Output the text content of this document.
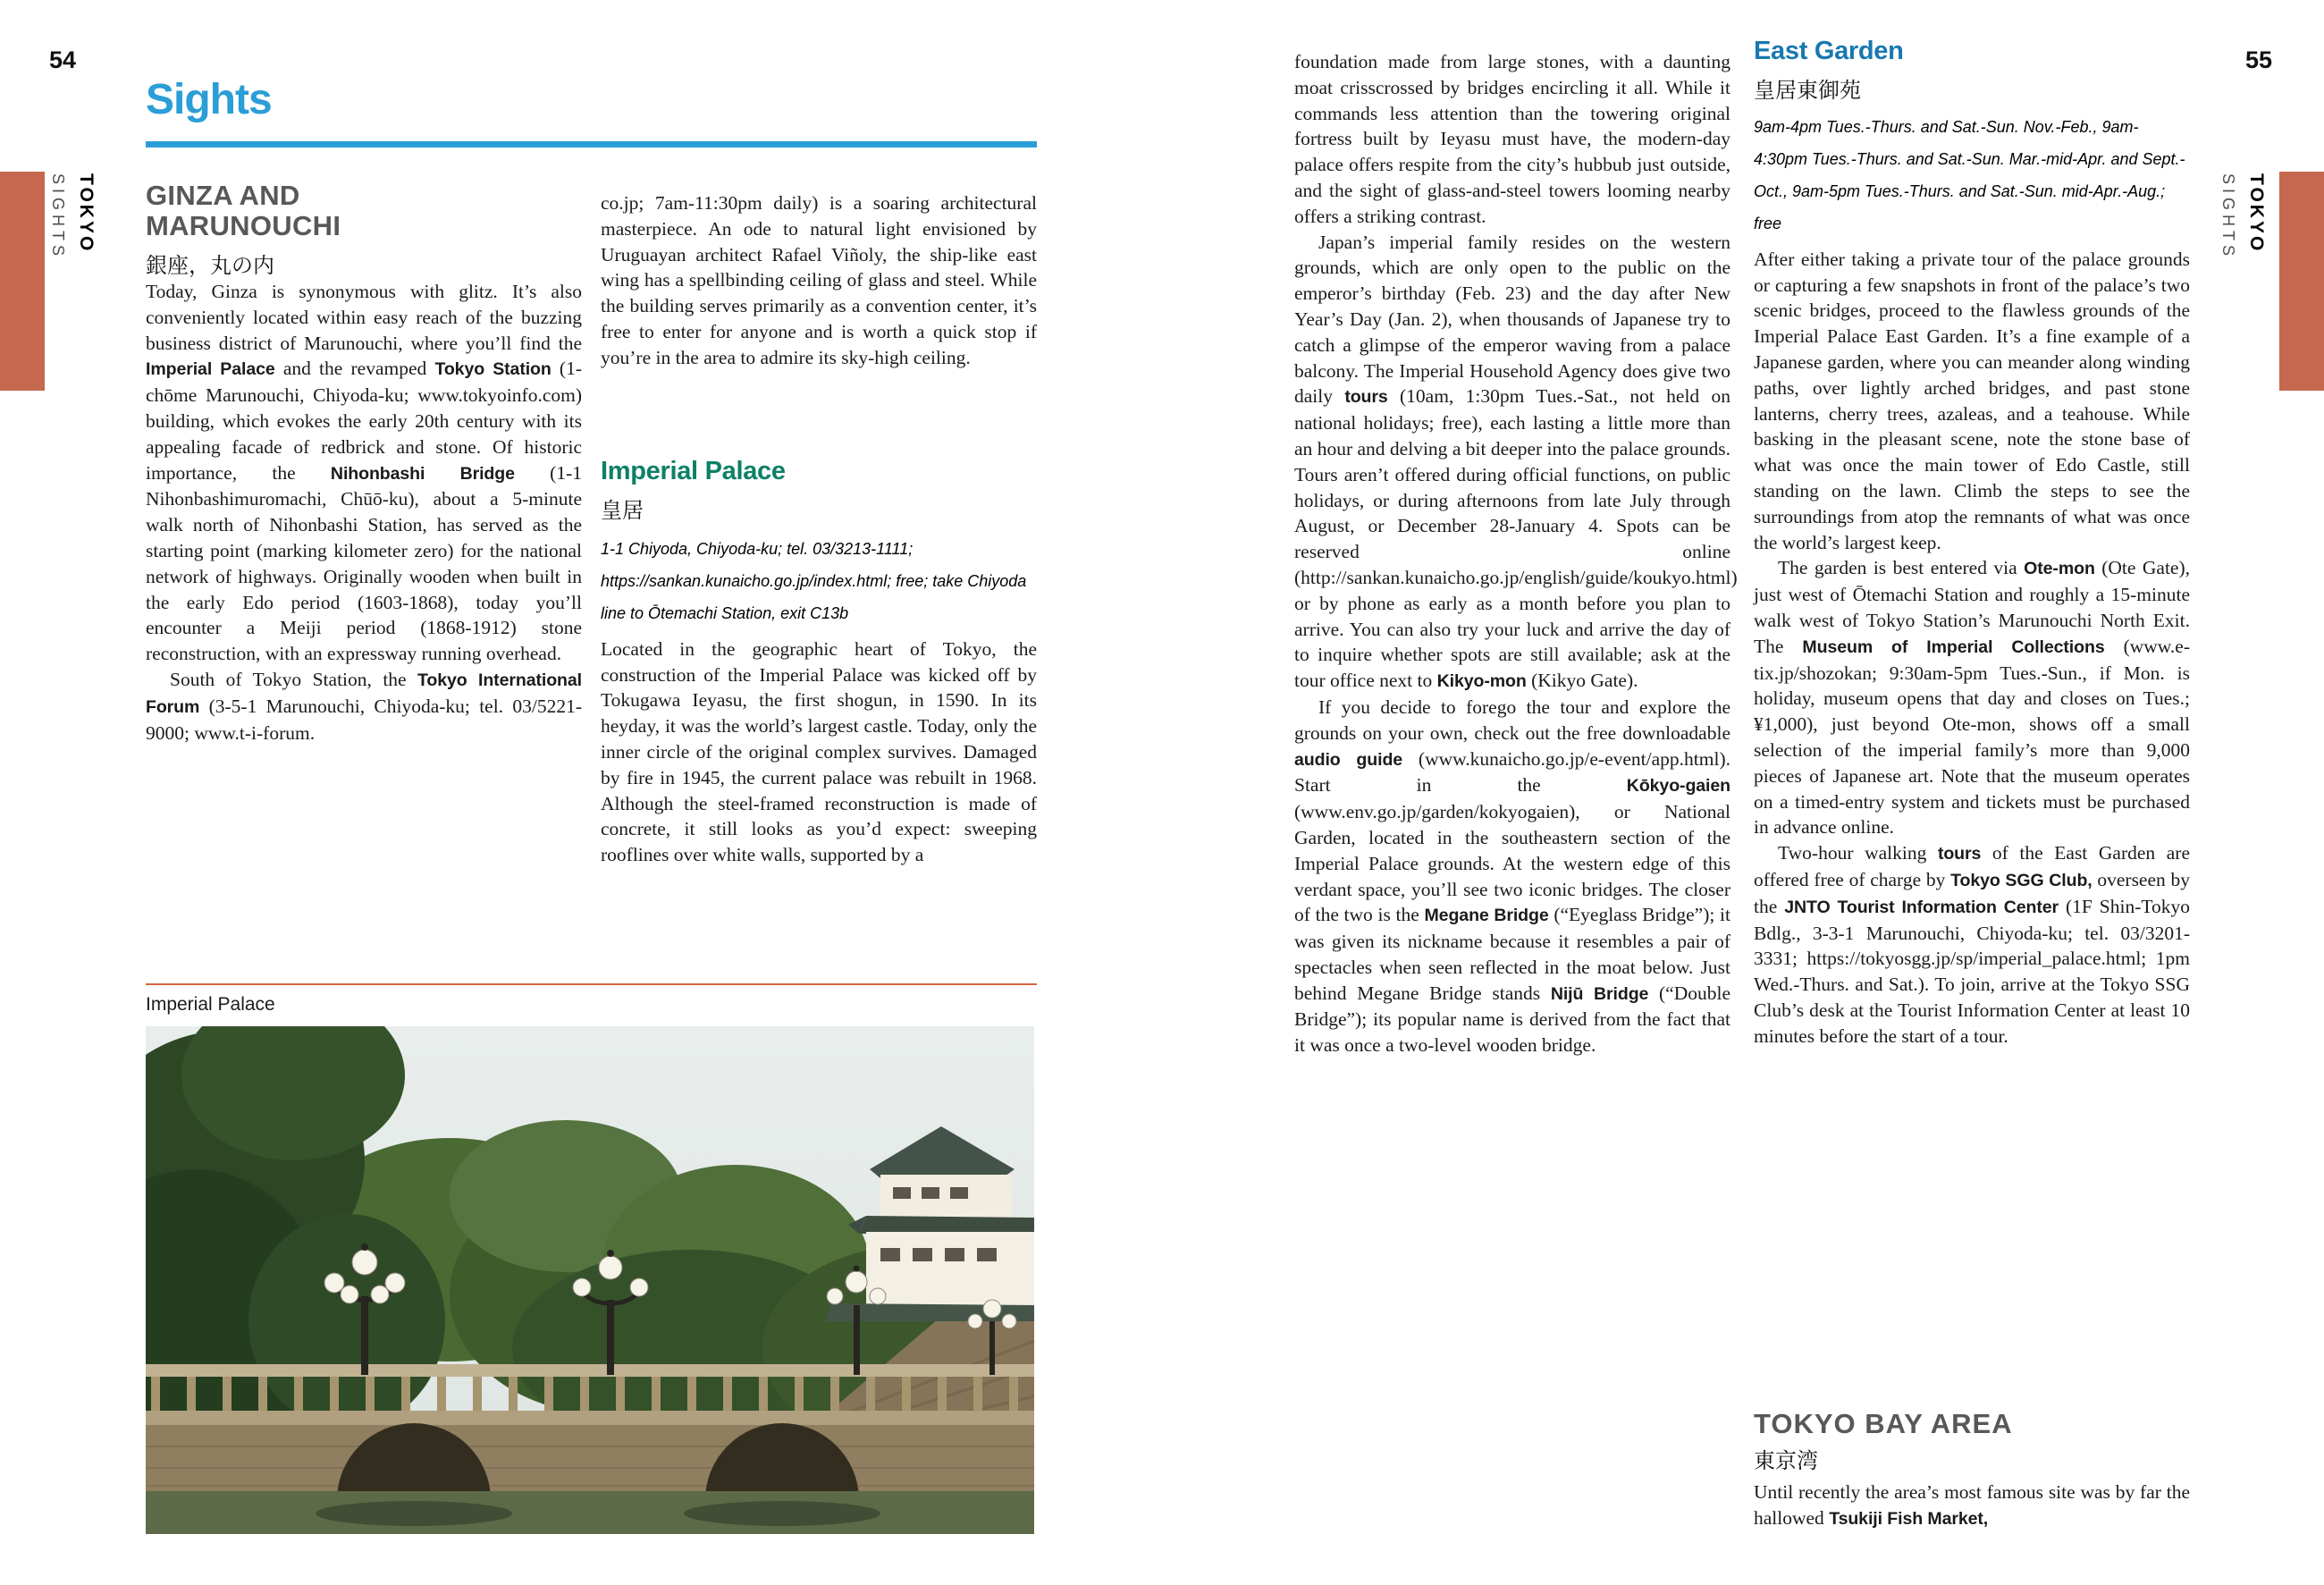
54
SIGHTS TOKYO
Sights
GINZA AND
MARUNOUCHI
銀座，丸の内

Today, Ginza is synonymous with glitz. It’s also conveniently located within easy reach of the buzzing business district of Marunouchi, where you’ll find the Imperial Palace and the revamped Tokyo Station (1-chōme Marunouchi, Chiyoda-ku; www.tokyoinfo.com) building, which evokes the early 20th century with its appealing facade of redbrick and stone. Of historic importance, the Nihonbashi Bridge (1-1 Nihonbashimuromachi, Chūō-ku), about a 5-minute walk north of Nihonbashi Station, has served as the starting point (marking kilometer zero) for the national network of highways. Originally wooden when built in the early Edo period (1603-1868), today you’ll encounter a Meiji period (1868-1912) stone reconstruction, with an expressway running overhead.

South of Tokyo Station, the Tokyo International Forum (3-5-1 Marunouchi, Chiyoda-ku; tel. 03/5221-9000; www.t-i-forum.

co.jp; 7am-11:30pm daily) is a soaring architectural masterpiece. An ode to natural light envisioned by Uruguayan architect Rafael Viñoly, the ship-like east wing has a spellbinding ceiling of glass and steel. While the building serves primarily as a convention center, it’s free to enter for anyone and is worth a quick stop if you’re in the area to admire its sky-high ceiling.

Imperial Palace
皇居
1-1 Chiyoda, Chiyoda-ku; tel. 03/3213-1111; https://sankan.kunaicho.go.jp/index.html; free; take Chiyoda line to Ōtemachi Station, exit C13b

Located in the geographic heart of Tokyo, the construction of the Imperial Palace was kicked off by Tokugawa Ieyasu, the first shogun, in 1590. In its heyday, it was the world’s largest castle. Today, only the inner circle of the original complex survives. Damaged by fire in 1945, the current palace was rebuilt in 1968. Although the steel-framed reconstruction is made of concrete, it still looks as you’d expect: sweeping rooflines over white walls, supported by a

Imperial Palace
55
SIGHTS TOKYO

foundation made from large stones, with a daunting moat crisscrossed by bridges encircling it all. While it commands less attention than the towering original fortress built by Ieyasu must have, the modern-day palace offers respite from the city’s hubbub just outside, and the sight of glass-and-steel towers looming nearby offers a striking contrast.

Japan’s imperial family resides on the western grounds, which are only open to the public on the emperor’s birthday (Feb. 23) and the day after New Year’s Day (Jan. 2), when thousands of Japanese try to catch a glimpse of the emperor waving from a palace balcony. The Imperial Household Agency does give two daily tours (10am, 1:30pm Tues.-Sat., not held on national holidays; free), each lasting a little more than an hour and delving a bit deeper into the palace grounds. Tours aren’t offered during official functions, on public holidays, or during afternoons from late July through August, or December 28-January 4. Spots can be reserved online (http://sankan.kunaicho.go.jp/english/guide/koukyo.html) or by phone as early as a month before you plan to arrive. You can also try your luck and arrive the day of to inquire whether spots are still available; ask at the tour office next to Kikyo-mon (Kikyo Gate).

If you decide to forego the tour and explore the grounds on your own, check out the free downloadable audio guide (www.kunaicho.go.jp/e-event/app.html). Start in the Kōkyo-gaien (www.env.go.jp/garden/kokyogaien), or National Garden, located in the southeastern section of the Imperial Palace grounds. At the western edge of this verdant space, you’ll see two iconic bridges. The closer of the two is the Megane Bridge (“Eyeglass Bridge”); it was given its nickname because it resembles a pair of spectacles when seen reflected in the moat below. Just behind Megane Bridge stands Nijū Bridge (“Double Bridge”); its popular name is derived from the fact that it was once a two-level wooden bridge.

East Garden
皇居東御苑
9am-4pm Tues.-Thurs. and Sat.-Sun. Nov.-Feb., 9am-4:30pm Tues.-Thurs. and Sat.-Sun. Mar.-mid-Apr. and Sept.-Oct., 9am-5pm Tues.-Thurs. and Sat.-Sun. mid-Apr.-Aug.; free

After either taking a private tour of the palace grounds or capturing a few snapshots in front of the palace’s two scenic bridges, proceed to the flawless grounds of the Imperial Palace East Garden. It’s a fine example of a Japanese garden, where you can meander along winding paths, over lightly arched bridges, and past stone lanterns, cherry trees, azaleas, and a teahouse. While basking in the pleasant scene, note the stone base of what was once the main tower of Edo Castle, still standing on the lawn. Climb the steps to see the surroundings from atop the remnants of what was once the world’s largest keep.

The garden is best entered via Ote-mon (Ote Gate), just west of Ōtemachi Station and roughly a 15-minute walk west of Tokyo Station’s Marunouchi North Exit. The Museum of Imperial Collections (www.e-tix.jp/shozokan; 9:30am-5pm Tues.-Sun., if Mon. is holiday, museum opens that day and closes on Tues.; ¥1,000), just beyond Ote-mon, shows off a small selection of the imperial family’s more than 9,000 pieces of Japanese art. Note that the museum operates on a timed-entry system and tickets must be purchased in advance online.

Two-hour walking tours of the East Garden are offered free of charge by Tokyo SGG Club, overseen by the JNTO Tourist Information Center (1F Shin-Tokyo Bdlg., 3-3-1 Marunouchi, Chiyoda-ku; tel. 03/3201-3331; https://tokyosgg.jp/sp/imperial_palace.html; 1pm Wed.-Thurs. and Sat.). To join, arrive at the Tokyo SSG Club’s desk at the Tourist Information Center at least 10 minutes before the start of a tour.

TOKYO BAY AREA
東京湾

Until recently the area’s most famous site was by far the hallowed Tsukiji Fish Market,
